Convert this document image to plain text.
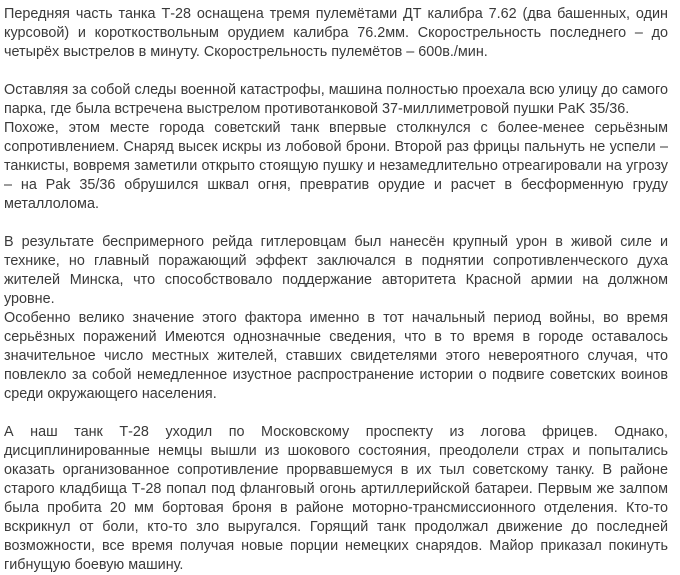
Передняя часть танка Т-28 оснащена тремя пулемётами ДТ калибра 7.62 (два башенных, один курсовой) и короткоствольным орудием калибра 76.2мм. Скорострельность последнего – до четырёх выстрелов в минуту. Скорострельность пулемётов – 600в./мин.

Оставляя за собой следы военной катастрофы, машина полностью проехала всю улицу до самого парка, где была встречена выстрелом противотанковой 37-миллиметровой пушки PaK 35/36.

Похоже, этом месте города советский танк впервые столкнулся с более-менее серьёзным сопротивлением. Снаряд высек искры из лобовой брони. Второй раз фрицы пальнуть не успели – танкисты, вовремя заметили открыто стоящую пушку и незамедлительно отреагировали на угрозу – на Pak 35/36 обрушился шквал огня, превратив орудие и расчет в бесформенную груду металлолома.

В результате беспримерного рейда гитлеровцам был нанесён крупный урон в живой силе и технике, но главный поражающий эффект заключался в поднятии сопротивленческого духа жителей Минска, что способствовало поддержание авторитета Красной армии на должном уровне.

Особенно велико значение этого фактора именно в тот начальный период войны, во время серьёзных поражений Имеются однозначные сведения, что в то время в городе оставалось значительное число местных жителей, ставших свидетелями этого невероятного случая, что повлекло за собой немедленное изустное распространение истории о подвиге советских воинов среди окружающего населения.

А наш танк Т-28 уходил по Московскому проспекту из логова фрицев. Однако, дисциплинированные немцы вышли из шокового состояния, преодолели страх и попытались оказать организованное сопротивление прорвавшемуся в их тыл советскому танку. В районе старого кладбища Т-28 попал под фланговый огонь артиллерийской батареи. Первым же залпом была пробита 20 мм бортовая броня в районе моторно-трансмиссионного отделения. Кто-то вскрикнул от боли, кто-то зло выругался. Горящий танк продолжал движение до последней возможности, все время получая новые порции немецких снарядов. Майор приказал покинуть гибнущую боевую машину.
